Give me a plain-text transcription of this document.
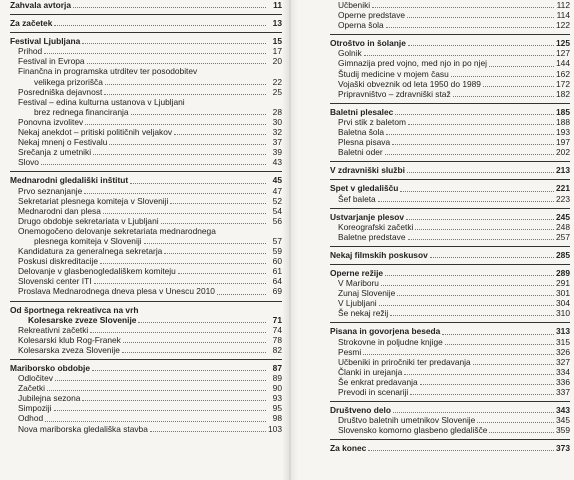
Zahvala avtorja	11
Za začetek	13
Festival Ljubljana	15
Prihod	17
Festival in Evropa	20
Finančna in programska utrditev ter posodobitev
velikega prizorišča	22
Posredniška dejavnost	25
Festival – edina kulturna ustanova v Ljubljani
brez rednega financiranja	28
Ponovna izvolitev	30
Nekaj anekdot – pritiski političnih veljakov	32
Nekaj mnenj o Festivalu	37
Srečanja z umetniki	39
Slovo	43
Mednarodni gledališki inštitut	45
Prvo seznanjanje	47
Sekretariat plesnega komiteja v Sloveniji	52
Mednarodni dan plesa	54
Drugo obdobje sekretariata v Ljubljani	56
Onemogočeno delovanje sekretariata mednarodnega
plesnega komiteja v Sloveniji	57
Kandidatura za generalnega sekretarja	59
Poskusi diskreditacije	60
Delovanje v glasbenogledališkem komiteju	61
Slovenski center ITI	64
Proslava Mednarodnega dneva plesa v Unescu 2010	69
Od športnega rekreativca na vrh
Kolesarske zveze Slovenije	71
Rekreativni začetki	74
Kolesarski klub Rog-Franek	78
Kolesarska zveza Slovenije	82
Mariborsko obdobje	87
Odločitev	89
Začetki	90
Jubilejna sezona	93
Simpoziji	95
Odhod	98
Nova mariborska gledališka stavba	103
Učbeniki	112
Operne predstave	114
Operna šola	122
Otroštvo in šolanje	125
Golnik	127
Gimnazija pred vojno, med njo in po njej	144
Študij medicine v mojem času	162
Vojaški obveznik od leta 1950 do 1989	172
Pripravništvo – zdravniški staž	182
Baletni plesalec	185
Prvi stik z baletom	188
Baletna šola	193
Plesna pisava	197
Baletni oder	202
V zdravniški službi	213
Spet v gledališču	221
Šef baleta	223
Ustvarjanje plesov	245
Koreografski začetki	248
Baletne predstave	257
Nekaj filmskih poskusov	285
Operne režije	289
V Mariboru	291
Zunaj Slovenije	301
V Ljubljani	304
Še nekaj režij	310
Pisana in govorjena beseda	313
Strokovne in poljudne knjige	315
Pesmi	326
Učbeniki in priročniki ter predavanja	327
Članki in urejanja	334
Še enkrat predavanja	336
Prevodi in scenariji	337
Društveno delo	343
Društvo baletnih umetnikov Slovenije	345
Slovensko komorno glasbeno gledališče	359
Za konec	373
